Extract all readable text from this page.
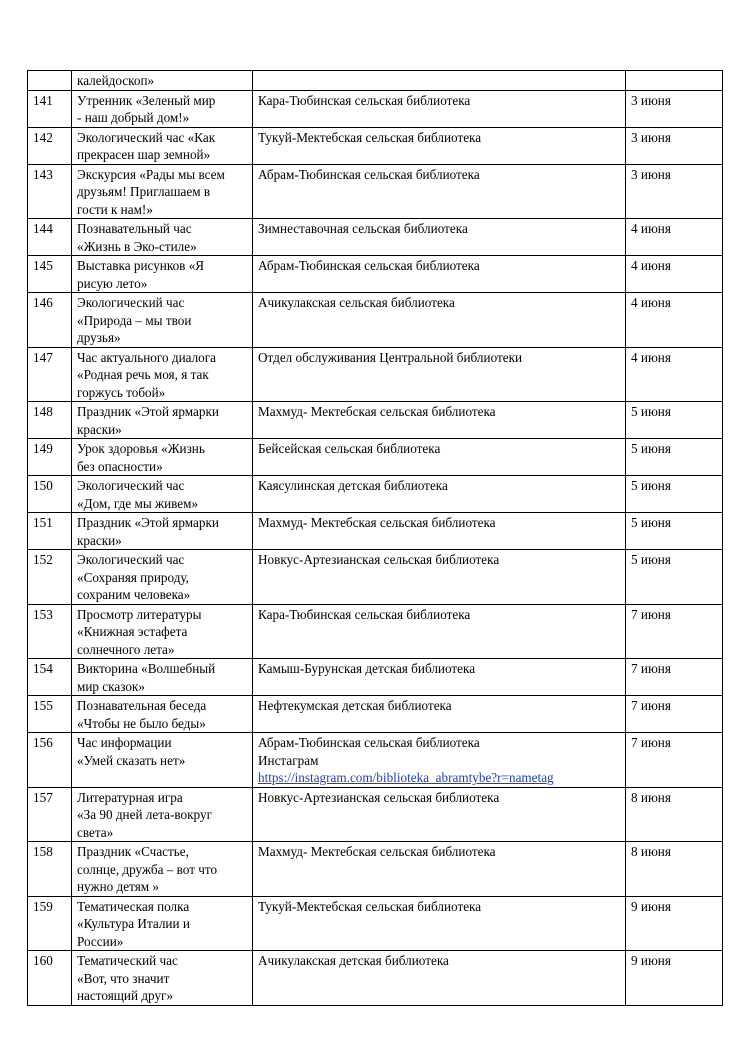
	калейдоскоп»		
141	Утренник «Зеленый мир
- наш добрый дом!»	Кара-Тюбинская сельская библиотека	3 июня
142	Экологический час «Как
прекрасен шар земной»	Тукуй-Мектебская сельская библиотека	3 июня
143	Экскурсия «Рады мы всем
друзьям! Приглашаем в
гости к нам!»	Абрам-Тюбинская сельская библиотека	3 июня
144	Познавательный час
«Жизнь в Эко-стиле»	Зимнеставочная сельская библиотека	4 июня
145	Выставка рисунков «Я
рисую лето»	Абрам-Тюбинская сельская библиотека	4 июня
146	Экологический час
«Природа – мы твои
друзья»	Ачикулакская сельская библиотека	4 июня
147	Час актуального диалога
«Родная речь моя, я так
горжусь тобой»	Отдел обслуживания Центральной библиотеки	4 июня
148	Праздник «Этой ярмарки
краски»	Махмуд- Мектебская сельская библиотека	5 июня
149	Урок здоровья «Жизнь
без опасности»	Бейсейская сельская библиотека	5 июня
150	Экологический час
«Дом, где мы живем»	Каясулинская детская библиотека	5 июня
151	Праздник «Этой ярмарки
краски»	Махмуд- Мектебская сельская библиотека	5 июня
152	Экологический час
«Сохраняя природу,
сохраним человека»	Новкус-Артезианская сельская библиотека	5 июня
153	Просмотр литературы
«Книжная эстафета
солнечного лета»	Кара-Тюбинская сельская библиотека	7 июня
154	Викторина «Волшебный
мир сказок»	Камыш-Бурунская детская библиотека	7 июня
155	Познавательная беседа
«Чтобы не было беды»	Нефтекумская детская библиотека	7 июня
156	Час информации
«Умей сказать нет»	Абрам-Тюбинская сельская библиотека
Инстаграм
https://instagram.com/biblioteka_abramtybe?r=nametag	7 июня
157	Литературная игра
«За 90 дней лета-вокруг
света»	Новкус-Артезианская сельская библиотека	8 июня
158	Праздник «Счастье,
солнце, дружба – вот что
нужно детям »	Махмуд- Мектебская сельская библиотека	8 июня
159	Тематическая полка
«Культура Италии и
России»	Тукуй-Мектебская сельская библиотека	9 июня
160	Тематический час
«Вот, что значит
настоящий друг»	Ачикулакская детская библиотека	9 июня
